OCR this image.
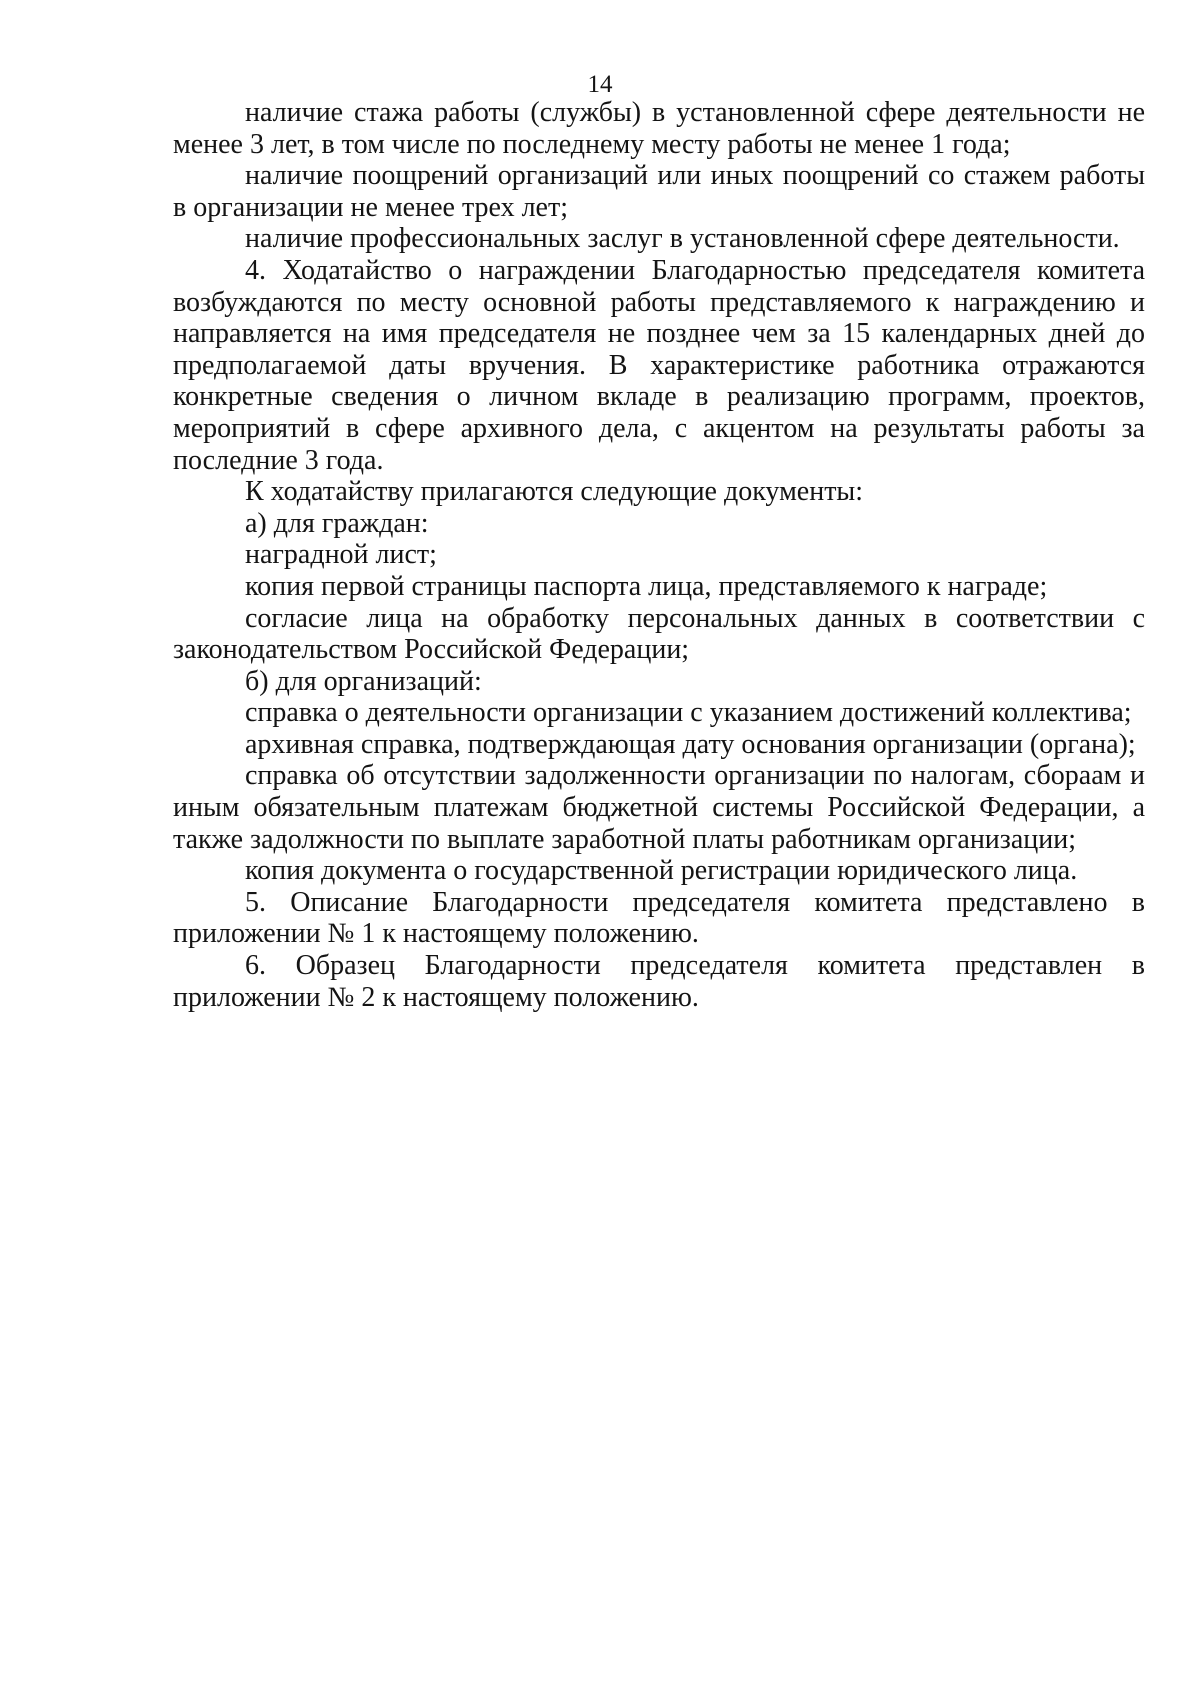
14

наличие стажа работы (службы) в установленной сфере деятельности не менее 3 лет, в том числе по последнему месту работы не менее 1 года;

наличие поощрений организаций или иных поощрений со стажем работы в организации не менее трех лет;

наличие профессиональных заслуг в установленной сфере деятельности.

4. Ходатайство о награждении Благодарностью председателя комитета возбуждаются по месту основной работы представляемого к награждению и направляется на имя председателя не позднее чем за 15 календарных дней до предполагаемой даты вручения. В характеристике работника отражаются конкретные сведения о личном вкладе в реализацию программ, проектов, мероприятий в сфере архивного дела, с акцентом на результаты работы за последние 3 года.

К ходатайству прилагаются следующие документы:

а) для граждан:

наградной лист;

копия первой страницы паспорта лица, представляемого к награде;

согласие лица на обработку персональных данных в соответствии с законодательством Российской Федерации;

б) для организаций:

справка о деятельности организации с указанием достижений коллектива;

архивная справка, подтверждающая дату основания организации (органа);

справка об отсутствии задолженности организации по налогам, сбораам и иным обязательным платежам бюджетной системы Российской Федерации, а также задолжности по выплате заработной платы работникам организации;

копия документа о государственной регистрации юридического лица.

5. Описание Благодарности председателя комитета представлено в приложении № 1 к настоящему положению.

6. Образец Благодарности председателя комитета представлен в приложении № 2 к настоящему положению.
